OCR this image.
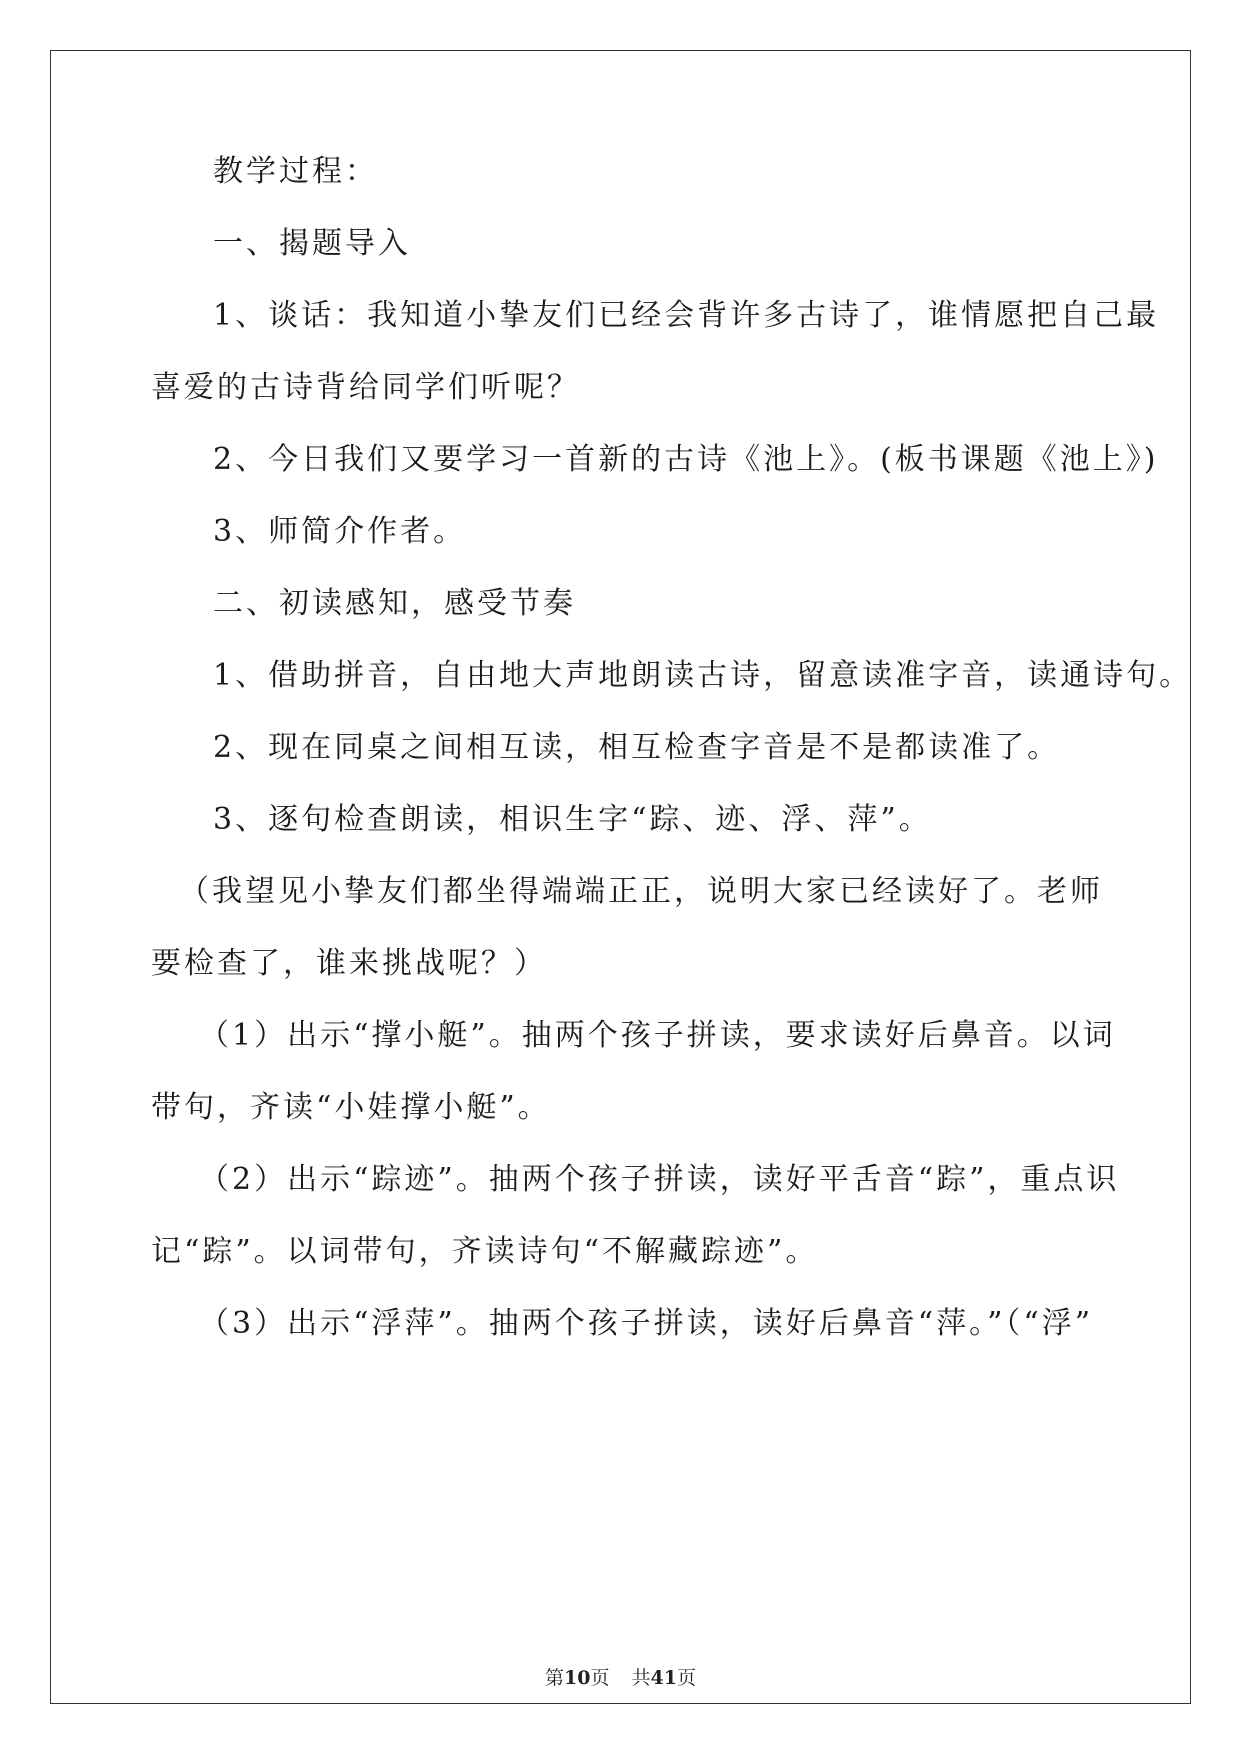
教学过程：
一、揭题导入
1、谈话：我知道小挚友们已经会背许多古诗了，谁情愿把自己最
喜爱的古诗背给同学们听呢？
2、今日我们又要学习一首新的古诗《池上》。(板书课题《池上》)
3、师简介作者。
二、初读感知，感受节奏
1、借助拼音，自由地大声地朗读古诗，留意读准字音，读通诗句。
2、现在同桌之间相互读，相互检查字音是不是都读准了。
3、逐句检查朗读，相识生字“踪、迹、浮、萍”。
（我望见小挚友们都坐得端端正正，说明大家已经读好了。老师
要检查了，谁来挑战呢？）
（1）出示“撑小艇”。抽两个孩子拼读，要求读好后鼻音。以词
带句，齐读“小娃撑小艇”。
（2）出示“踪迹”。抽两个孩子拼读，读好平舌音“踪”，重点识
记“踪”。以词带句，齐读诗句“不解藏踪迹”。
（3）出示“浮萍”。抽两个孩子拼读，读好后鼻音“萍。”（“浮”
第10页 共41页
